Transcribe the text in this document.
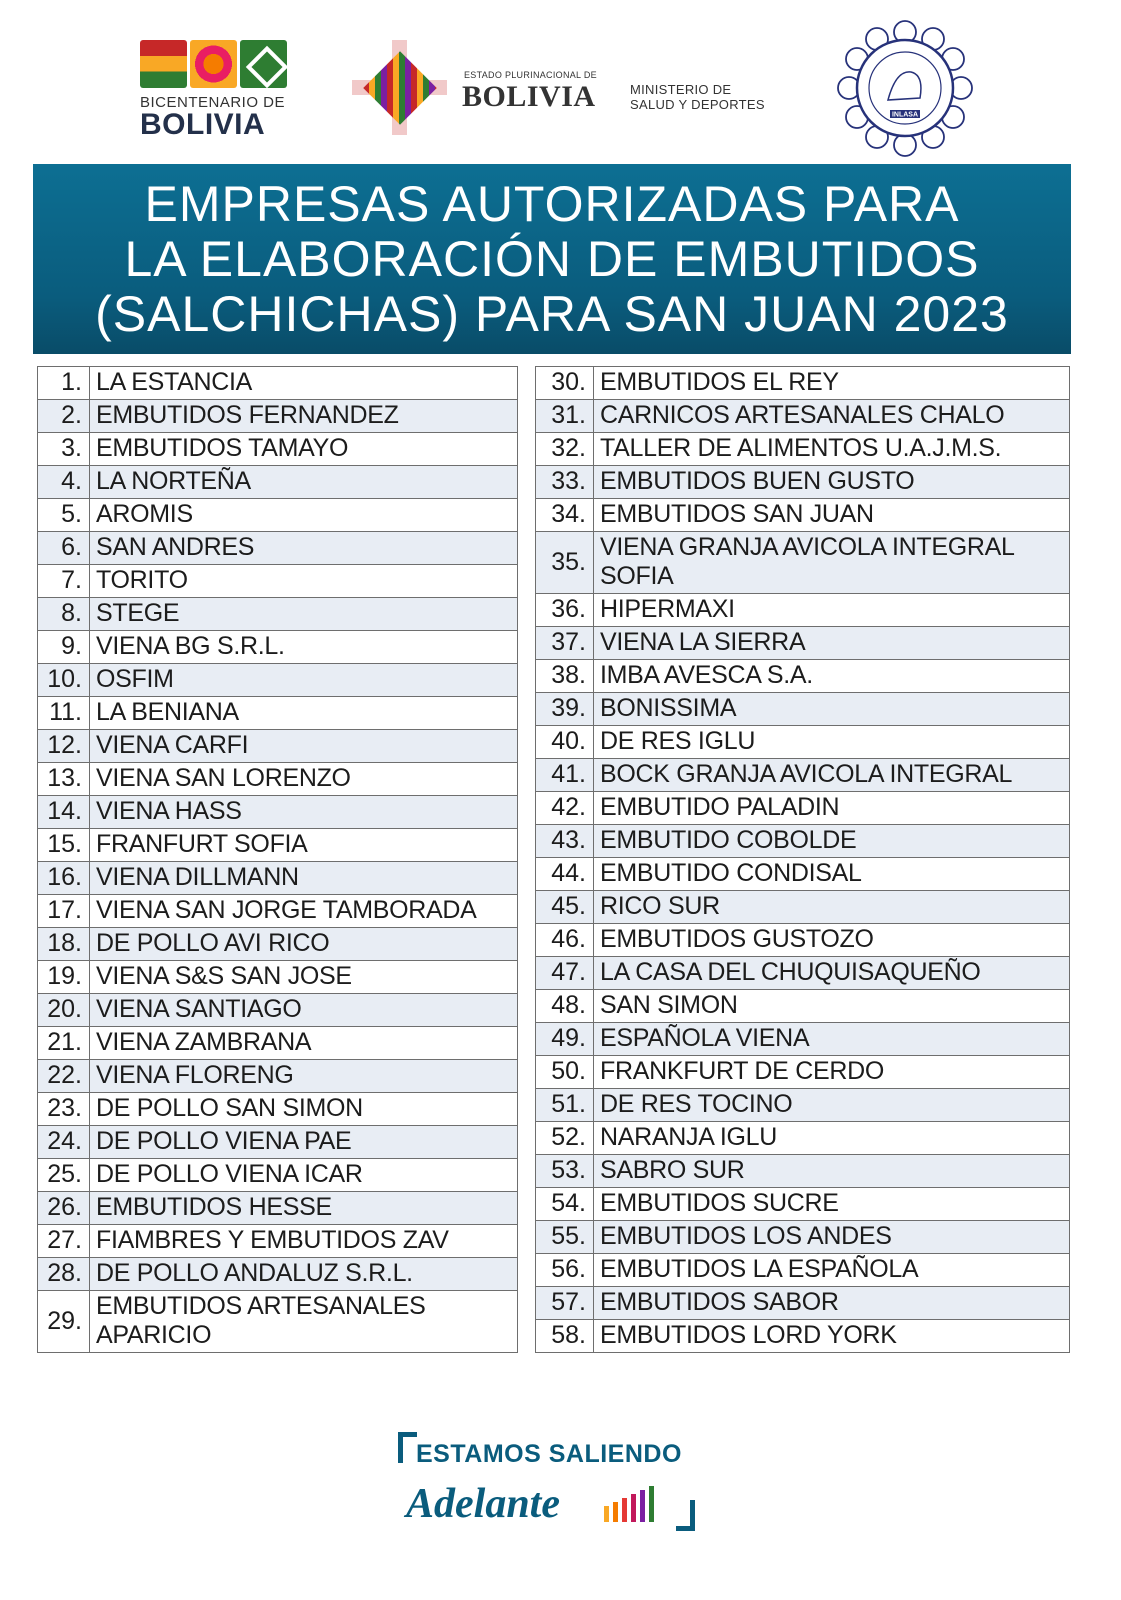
BICENTENARIO DE
BOLIVIA
ESTADO PLURINACIONAL DE
BOLIVIA	MINISTERIO DE
SALUD Y DEPORTES
INLASA
EMPRESAS AUTORIZADAS PARA
LA ELABORACIÓN DE EMBUTIDOS
(SALCHICHAS) PARA SAN JUAN 2023
1.	LA ESTANCIA
2.	EMBUTIDOS FERNANDEZ
3.	EMBUTIDOS TAMAYO
4.	LA NORTEÑA
5.	AROMIS
6.	SAN ANDRES
7.	TORITO
8.	STEGE
9.	VIENA BG S.R.L.
10.	OSFIM
11.	LA BENIANA
12.	VIENA CARFI
13.	VIENA SAN LORENZO
14.	VIENA HASS
15.	FRANFURT SOFIA
16.	VIENA DILLMANN
17.	VIENA SAN JORGE TAMBORADA
18.	DE POLLO AVI RICO
19.	VIENA S&S SAN JOSE
20.	VIENA SANTIAGO
21.	VIENA ZAMBRANA
22.	VIENA FLORENG
23.	DE POLLO SAN SIMON
24.	DE POLLO VIENA PAE
25.	DE POLLO VIENA ICAR
26.	EMBUTIDOS HESSE
27.	FIAMBRES Y EMBUTIDOS ZAV
28.	DE POLLO ANDALUZ S.R.L.
29.	EMBUTIDOS ARTESANALES APARICIO
30.	EMBUTIDOS EL REY
31.	CARNICOS ARTESANALES CHALO
32.	TALLER DE ALIMENTOS U.A.J.M.S.
33.	EMBUTIDOS BUEN GUSTO
34.	EMBUTIDOS SAN JUAN
35.	VIENA GRANJA AVICOLA INTEGRAL SOFIA
36.	HIPERMAXI
37.	VIENA LA SIERRA
38.	IMBA AVESCA S.A.
39.	BONISSIMA
40.	DE RES IGLU
41.	BOCK GRANJA AVICOLA INTEGRAL
42.	EMBUTIDO PALADIN
43.	EMBUTIDO COBOLDE
44.	EMBUTIDO CONDISAL
45.	RICO SUR
46.	EMBUTIDOS GUSTOZO
47.	LA CASA DEL CHUQUISAQUEÑO
48.	SAN SIMON
49.	ESPAÑOLA VIENA
50.	FRANKFURT DE CERDO
51.	DE RES TOCINO
52.	NARANJA IGLU
53.	SABRO SUR
54.	EMBUTIDOS SUCRE
55.	EMBUTIDOS LOS ANDES
56.	EMBUTIDOS LA ESPAÑOLA
57.	EMBUTIDOS SABOR
58.	EMBUTIDOS LORD YORK
ESTAMOS SALIENDO
Adelante
